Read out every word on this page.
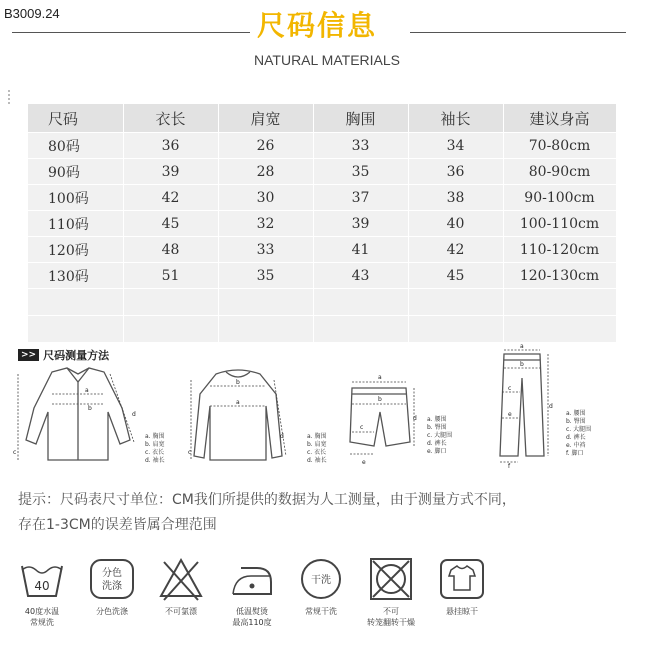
B3009.24	尺码信息
NATURAL MATERIALS
尺码	衣长	肩宽	胸围	袖长	建议身高
80码	36	26	33	34	70-80cm
90码	39	28	35	36	80-90cm
100码	42	30	37	38	90-100cm
110码	45	32	39	40	100-110cm
120码	48	33	41	42	110-120cm
130码	51	35	43	45	120-130cm

>> 尺码测量方法
a
b
c
d
a. 胸围
b. 肩宽
c. 衣长
d. 袖长
b
a
c
d	a. 胸围
b. 肩宽
c. 衣长
d. 袖长
a
b
c
d
e
a. 腰围
b. 臀围
c. 大腿围
d. 裤长
e. 脚口
a
b
c
d
e
f
a. 腰围
b. 臀围
c. 大腿围
d. 裤长
e. 中裆
f. 脚口
提示：尺码表尺寸单位：CM我们所提供的数据为人工测量，由于测量方式不同，
存在1-3CM的误差皆属合理范围
40
40度水温
常规洗
分色
洗涤
分色洗涤	不可氯漂	低温熨烫
最高110度
干洗
常规干洗	不可
转笼翻转干燥
悬挂晾干
